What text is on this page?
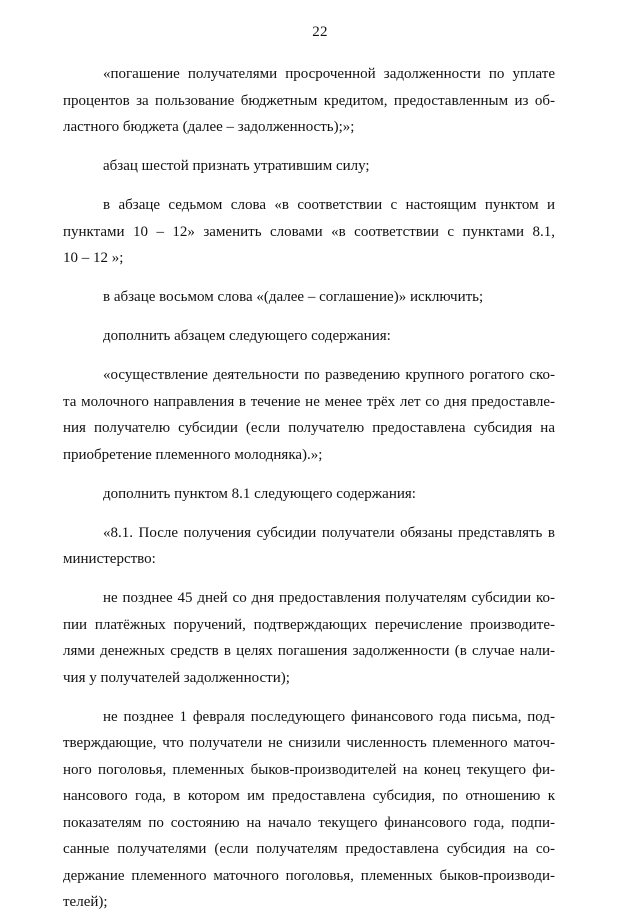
22
«погашение получателями просроченной задолженности по уплате
процентов за пользование бюджетным кредитом, предоставленным из об-
ластного бюджета (далее – задолженность);»;
абзац шестой признать утратившим силу;
в абзаце седьмом слова «в соответствии с настоящим пунктом и
пунктами 10 – 12» заменить словами «в соответствии с пунктами 8.1,
10 – 12 »;
в абзаце восьмом слова «(далее – соглашение)» исключить;
дополнить абзацем следующего содержания:
«осуществление деятельности по разведению крупного рогатого ско-
та молочного направления в течение не менее трёх лет со дня предоставле-
ния получателю субсидии (если получателю предоставлена субсидия на
приобретение племенного молодняка).»;
дополнить пунктом 8.1 следующего содержания:
«8.1. После получения субсидии получатели обязаны представлять в
министерство:
не позднее 45 дней со дня предоставления получателям субсидии ко-
пии платёжных поручений, подтверждающих перечисление производите-
лями денежных средств в целях погашения задолженности (в случае нали-
чия у получателей задолженности);
не позднее 1 февраля последующего финансового года письма, под-
тверждающие, что получатели не снизили численность племенного маточ-
ного поголовья, племенных быков-производителей на конец текущего фи-
нансового года, в котором им предоставлена субсидия, по отношению к
показателям по состоянию на начало текущего финансового года, подпи-
санные получателями (если получателям предоставлена субсидия на со-
держание племенного маточного поголовья, племенных быков-производи-
телей);
